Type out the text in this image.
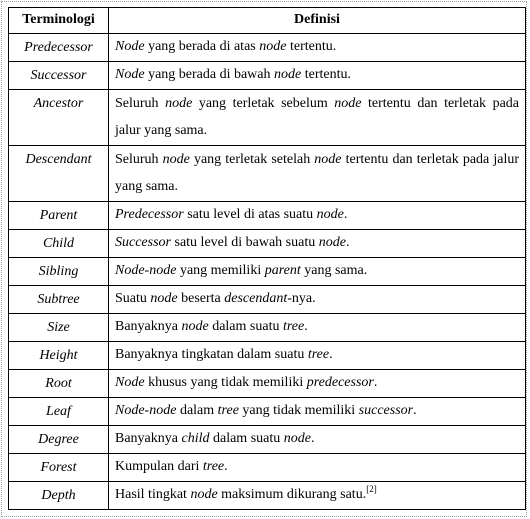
Terminologi	Definisi
Predecessor	Node yang berada di atas node tertentu.
Successor	Node yang berada di bawah node tertentu.
Ancestor	Seluruh node yang terletak sebelum node tertentu dan terletak pada jalur yang sama.
Descendant	Seluruh node yang terletak setelah node tertentu dan terletak pada jalur yang sama.
Parent	Predecessor satu level di atas suatu node.
Child	Successor satu level di bawah suatu node.
Sibling	Node-node yang memiliki parent yang sama.
Subtree	Suatu node beserta descendant-nya.
Size	Banyaknya node dalam suatu tree.
Height	Banyaknya tingkatan dalam suatu tree.
Root	Node khusus yang tidak memiliki predecessor.
Leaf	Node-node dalam tree yang tidak memiliki successor.
Degree	Banyaknya child dalam suatu node.
Forest	Kumpulan dari tree.
Depth	Hasil tingkat node maksimum dikurang satu.[2]
